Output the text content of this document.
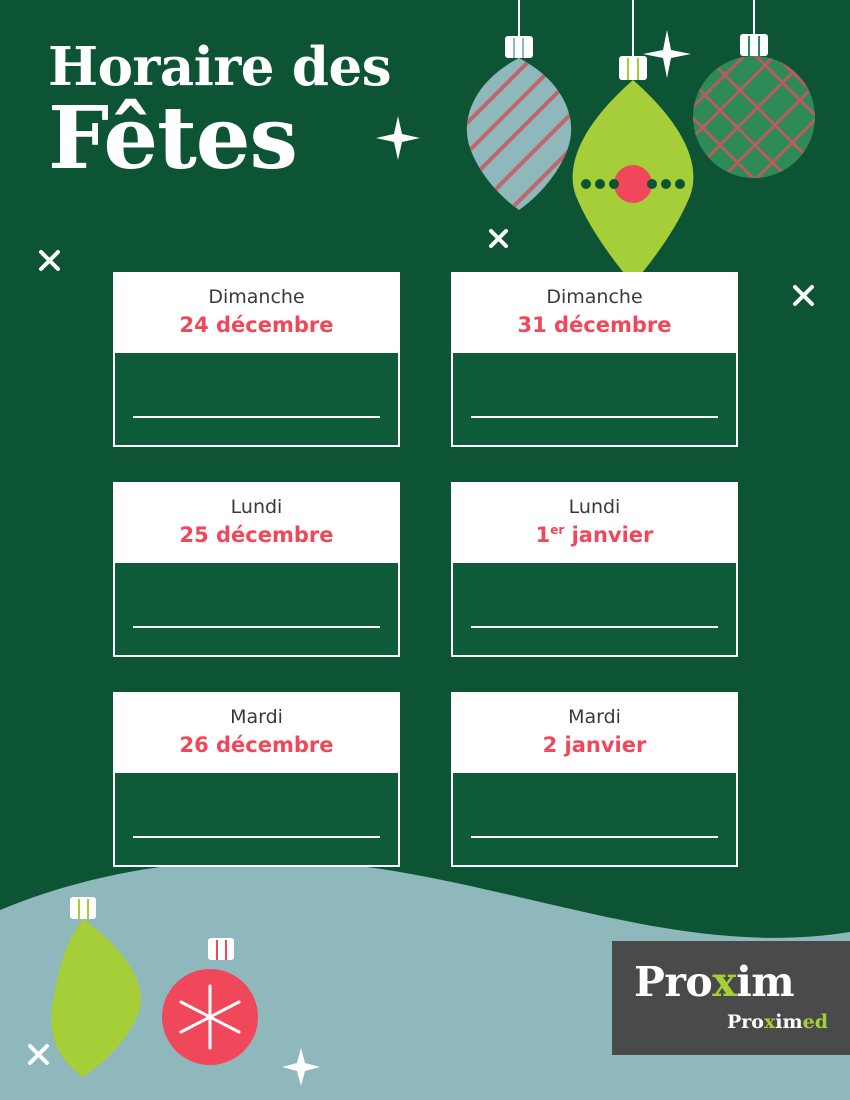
Horaire des
Fêtes
Dimanche
24 décembre
Dimanche
31 décembre
Lundi
25 décembre
Lundi
1er janvier
Mardi
26 décembre
Mardi
2 janvier
Proxim
Proximed
